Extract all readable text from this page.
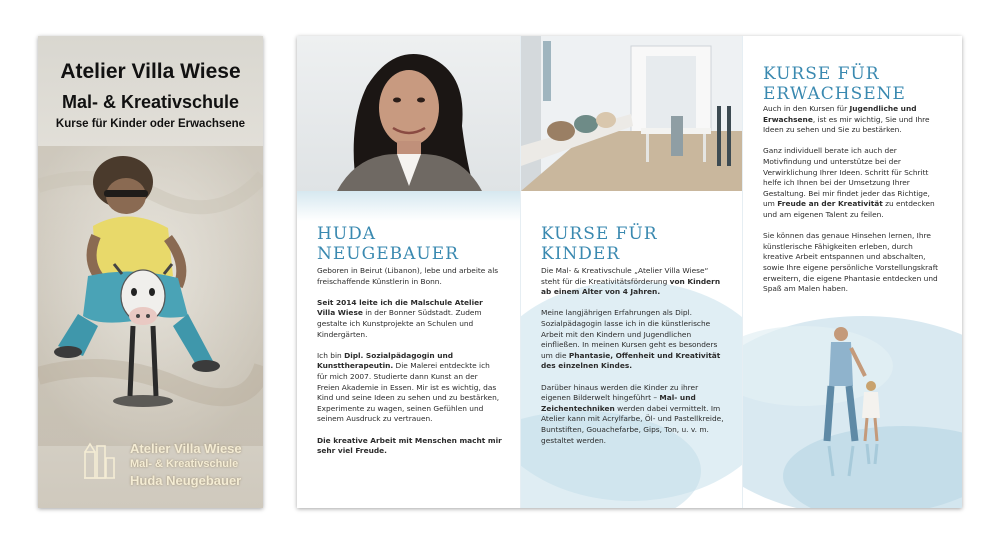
Atelier Villa Wiese
Mal- & Kreativschule
Kurse für Kinder oder Erwachsene
Atelier Villa Wiese
Mal- & Kreativschule
Huda Neugebauer
HUDA NEUGEBAUER

Geboren in Beirut (Libanon), lebe und arbeite als freischaffende Künstlerin in Bonn.

Seit 2014 leite ich die Malschule Atelier Villa Wiese in der Bonner Südstadt. Zudem gestalte ich Kunstprojekte an Schulen und Kindergärten.

Ich bin Dipl. Sozialpädagogin und Kunsttherapeutin. Die Malerei entdeckte ich für mich 2007. Studierte dann Kunst an der Freien Akademie in Essen. Mir ist es wichtig, das Kind und seine Ideen zu sehen und zu bestärken, Experimente zu wagen, seinen Gefühlen und seinem Ausdruck zu vertrauen.

Die kreative Arbeit mit Menschen macht mir sehr viel Freude.

KURSE FÜR KINDER

Die Mal- & Kreativschule „Atelier Villa Wiese“ steht für die Kreativitätsförderung von Kindern ab einem Alter von 4 Jahren.

Meine langjährigen Erfahrungen als Dipl. Sozialpädagogin lasse ich in die künstlerische Arbeit mit den Kindern und Jugendlichen einfließen. In meinen Kursen geht es besonders um die Phantasie, Offenheit und Kreativität des einzelnen Kindes.

Darüber hinaus werden die Kinder zu ihrer eigenen Bilderwelt hingeführt – Mal- und Zeichentechniken werden dabei vermittelt. Im Atelier kann mit Acrylfarbe, Öl- und Pastellkreide, Buntstiften, Gouachefarbe, Gips, Ton, u. v. m. gestaltet werden.

KURSE FÜR ERWACHSENE

Auch in den Kursen für Jugendliche und Erwachsene, ist es mir wichtig, Sie und Ihre Ideen zu sehen und Sie zu bestärken.

Ganz individuell berate ich auch der Motivfindung und unterstütze bei der Verwirklichung Ihrer Ideen. Schritt für Schritt helfe ich Ihnen bei der Umsetzung Ihrer Gestaltung. Bei mir findet jeder das Richtige, um Freude an der Kreativität zu entdecken und am eigenen Talent zu feilen.

Sie können das genaue Hinsehen lernen, Ihre künstlerische Fähigkeiten erleben, durch kreative Arbeit entspannen und abschalten, sowie Ihre eigene persönliche Vorstellungskraft erweitern, die eigene Phantasie entdecken und Spaß am Malen haben.
